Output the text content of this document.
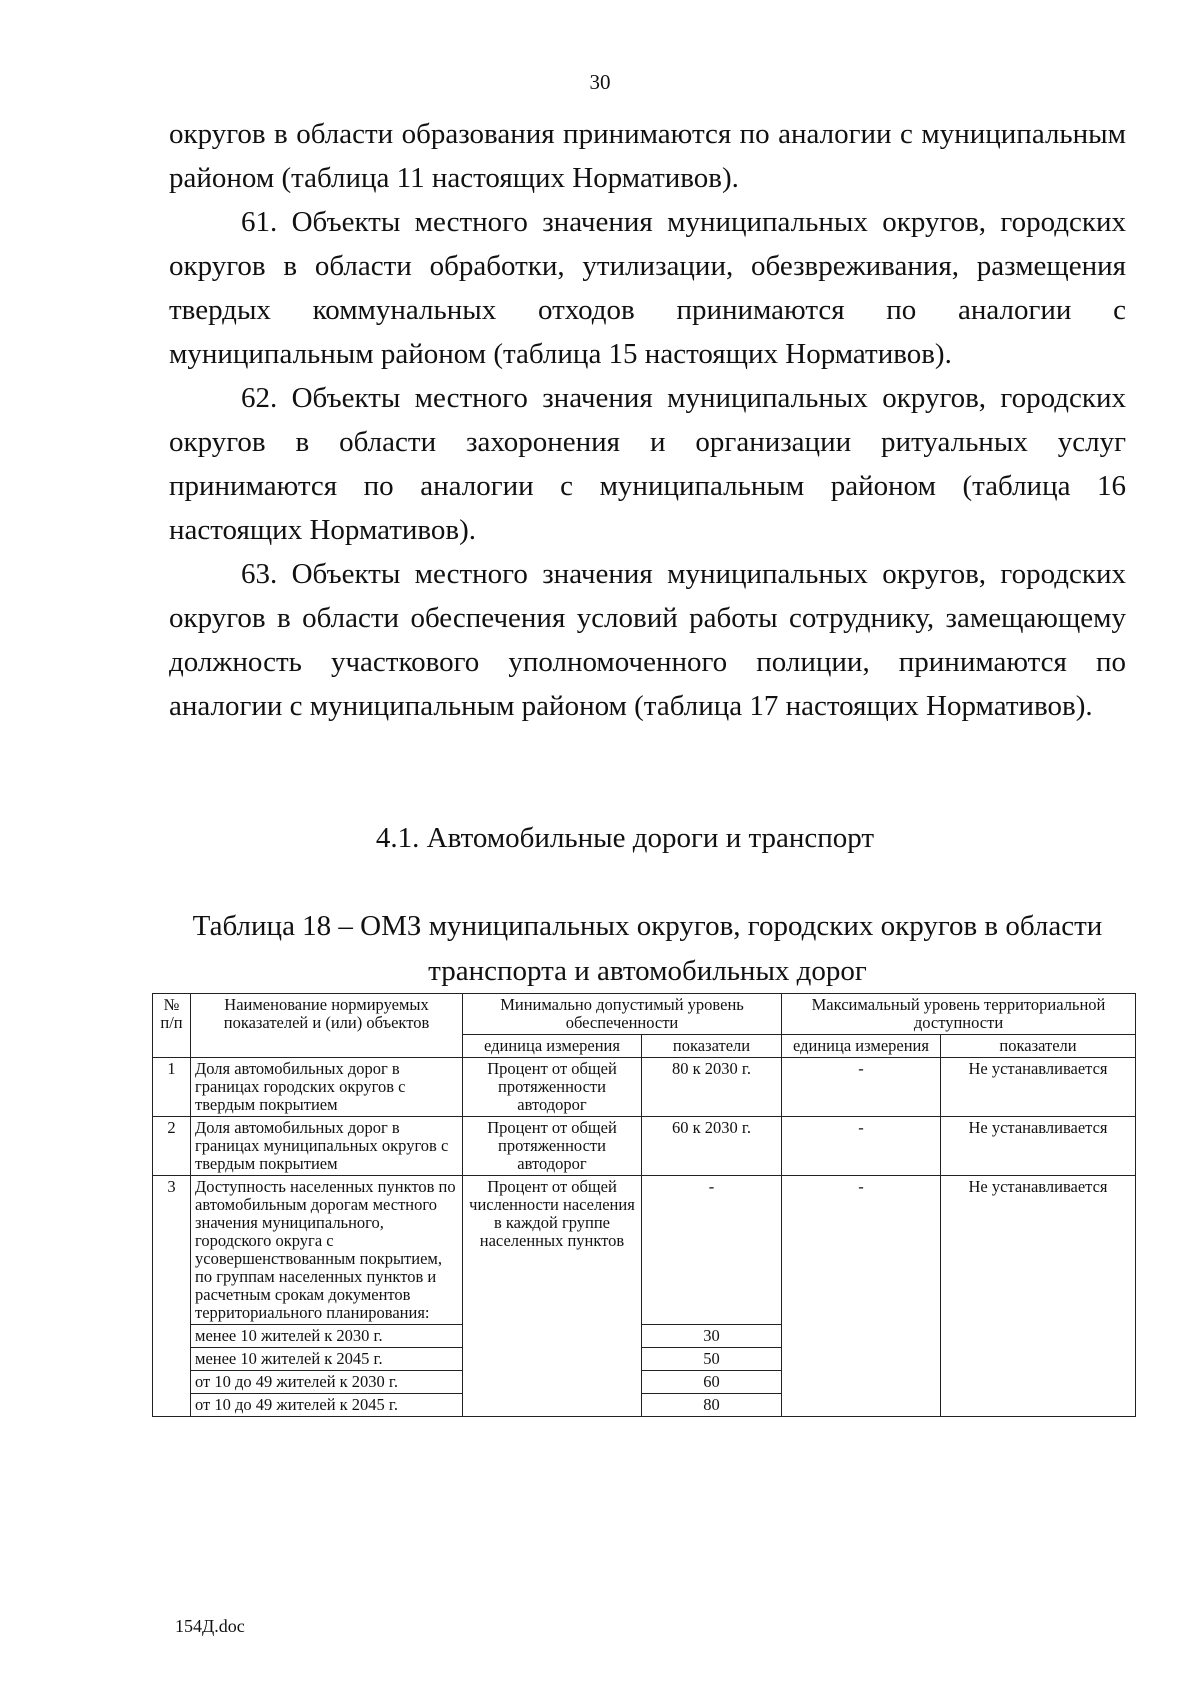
30

округов в области образования принимаются по аналогии с муниципальным районом (таблица 11 настоящих Нормативов).

61. Объекты местного значения муниципальных округов, городских округов в области обработки, утилизации, обезвреживания, размещения твердых коммунальных отходов принимаются по аналогии с муниципальным районом (таблица 15 настоящих Нормативов).

62. Объекты местного значения муниципальных округов, городских округов в области захоронения и организации ритуальных услуг принимаются по аналогии с муниципальным районом (таблица 16 настоящих Нормативов).

63. Объекты местного значения муниципальных округов, городских округов в области обеспечения условий работы сотруднику, замещающему должность участкового уполномоченного полиции, принимаются по аналогии с муниципальным районом (таблица 17 настоящих Нормативов).

4.1. Автомобильные дороги и транспорт
Таблица 18 – ОМЗ муниципальных округов, городских округов в области транспорта и автомобильных дорог
№ п/п	Наименование нормируемых показателей и (или) объектов	Минимально допустимый уровень обеспеченности		Максимальный уровень территориальной доступности	
		единица измерения	показатели	единица измерения	показатели
1	Доля автомобильных дорог в границах городских округов с твердым покрытием	Процент от общей протяженности автодорог	80 к 2030 г.	-	Не устанавливается
2	Доля автомобильных дорог в границах муниципальных округов с твердым покрытием	Процент от общей протяженности автодорог	60 к 2030 г.	-	Не устанавливается
3	Доступность населенных пунктов по автомобильным дорогам местного значения муниципального, городского округа с усовершенствованным покрытием, по группам населенных пунктов и расчетным срокам документов территориального планирования:	Процент от общей численности населения в каждой группе населенных пунктов	-	-	Не устанавливается
	менее 10 жителей к 2030 г.		30		
	менее 10 жителей к 2045 г.		50		
	от 10 до 49 жителей к 2030 г.		60		
	от 10 до 49 жителей к 2045 г.		80		
154Д.doc
